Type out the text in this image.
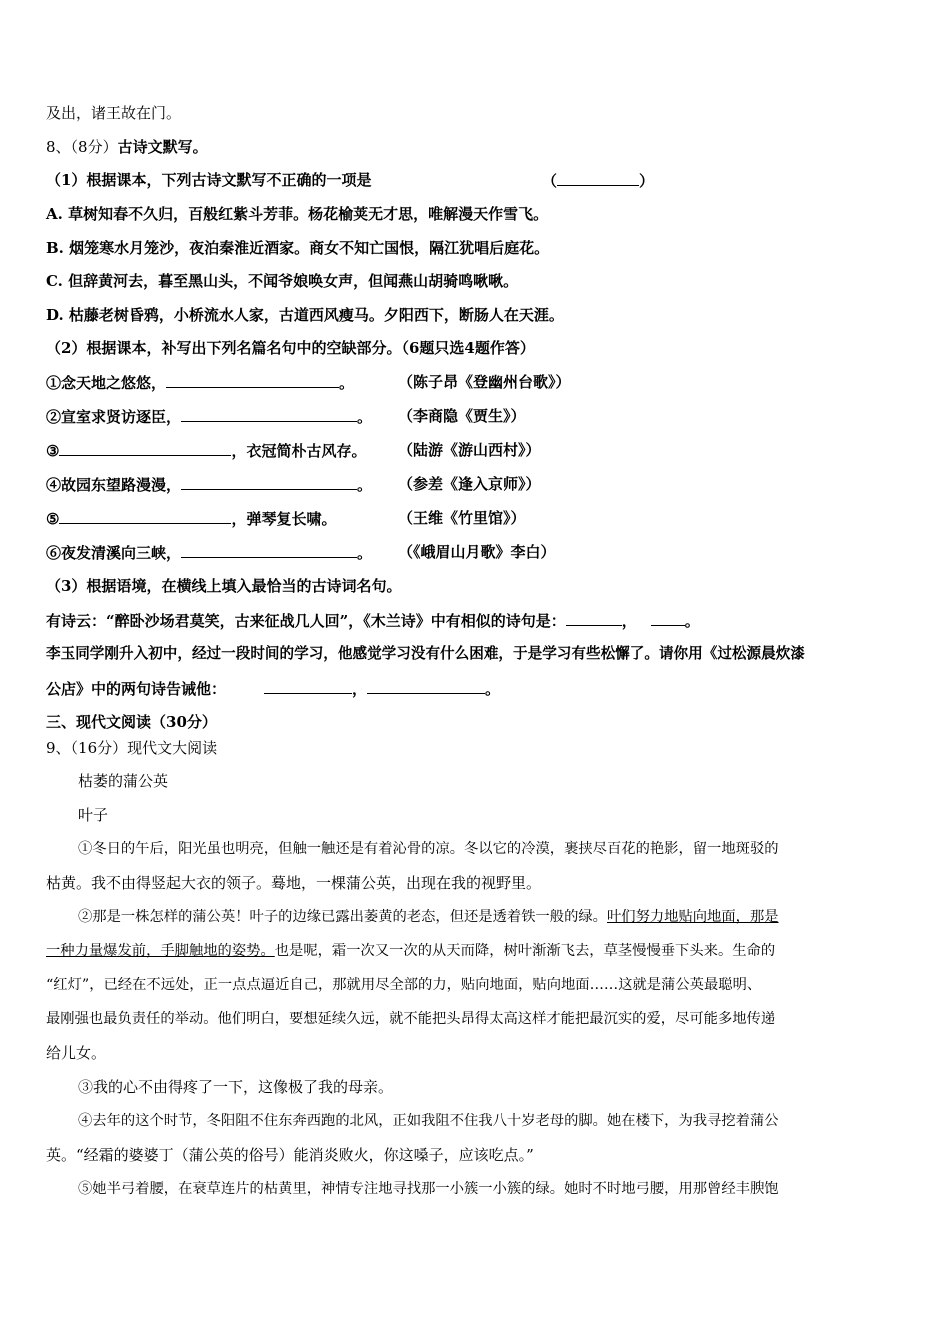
及出，诸王故在门。
8、（8分）古诗文默写。
（1）根据课本，下列古诗文默写不正确的一项是	（	）
A. 草树知春不久归，百般红紫斗芳菲。杨花榆荚无才思，唯解漫天作雪飞。
B. 烟笼寒水月笼沙，夜泊秦淮近酒家。商女不知亡国恨，隔江犹唱后庭花。
C. 但辞黄河去，暮至黑山头，不闻爷娘唤女声，但闻燕山胡骑鸣啾啾。
D. 枯藤老树昏鸦，小桥流水人家，古道西风瘦马。夕阳西下，断肠人在天涯。
（2）根据课本，补写出下列名篇名句中的空缺部分。（6题只选4题作答）
①念天地之悠悠，	。	（陈子昂《登幽州台歌》）
②宣室求贤访逐臣，	。 （李商隐《贾生》）
③	，衣冠简朴古风存。 （陆游《游山西村》）
④故园东望路漫漫，	。 （参差《逢入京师》）
⑤	，弹琴复长啸。	（王维《竹里馆》）
⑥夜发清溪向三峡，	。 （《峨眉山月歌》李白）
（3）根据语境，在横线上填入最恰当的古诗词名句。
有诗云：“醉卧沙场君莫笑，古来征战几人回”，《木兰诗》中有相似的诗句是：	，	。
李玉同学刚升入初中，经过一段时间的学习，他感觉学习没有什么困难，于是学习有些松懈了。请你用《过松源晨炊漆
公店》中的两句诗告诫他：	，	。
三、现代文阅读（30分）
9、（16分）现代文大阅读
枯萎的蒲公英
叶子
①冬日的午后，阳光虽也明亮，但触一触还是有着沁骨的凉。冬以它的冷漠，裹挟尽百花的艳影，留一地斑驳的
枯黄。我不由得竖起大衣的领子。蓦地，一棵蒲公英，出现在我的视野里。
②那是一株怎样的蒲公英！叶子的边缘已露出萎黄的老态，但还是透着铁一般的绿。叶们努力地贴向地面，那是
一种力量爆发前，手脚触地的姿势。也是呢，霜一次又一次的从天而降，树叶渐渐飞去，草茎慢慢垂下头来。生命的
“红灯”，已经在不远处，正一点点逼近自己，那就用尽全部的力，贴向地面，贴向地面……这就是蒲公英最聪明、
最刚强也最负责任的举动。他们明白，要想延续久远，就不能把头昂得太高这样才能把最沉实的爱，尽可能多地传递
给儿女。
③我的心不由得疼了一下，这像极了我的母亲。
④去年的这个时节，冬阳阻不住东奔西跑的北风，正如我阻不住我八十岁老母的脚。她在楼下，为我寻挖着蒲公
英。“经霜的婆婆丁（蒲公英的俗号）能消炎败火，你这嗓子，应该吃点。”
⑤她半弓着腰，在衰草连片的枯黄里，神情专注地寻找那一小簇一小簇的绿。她时不时地弓腰，用那曾经丰腴饱
